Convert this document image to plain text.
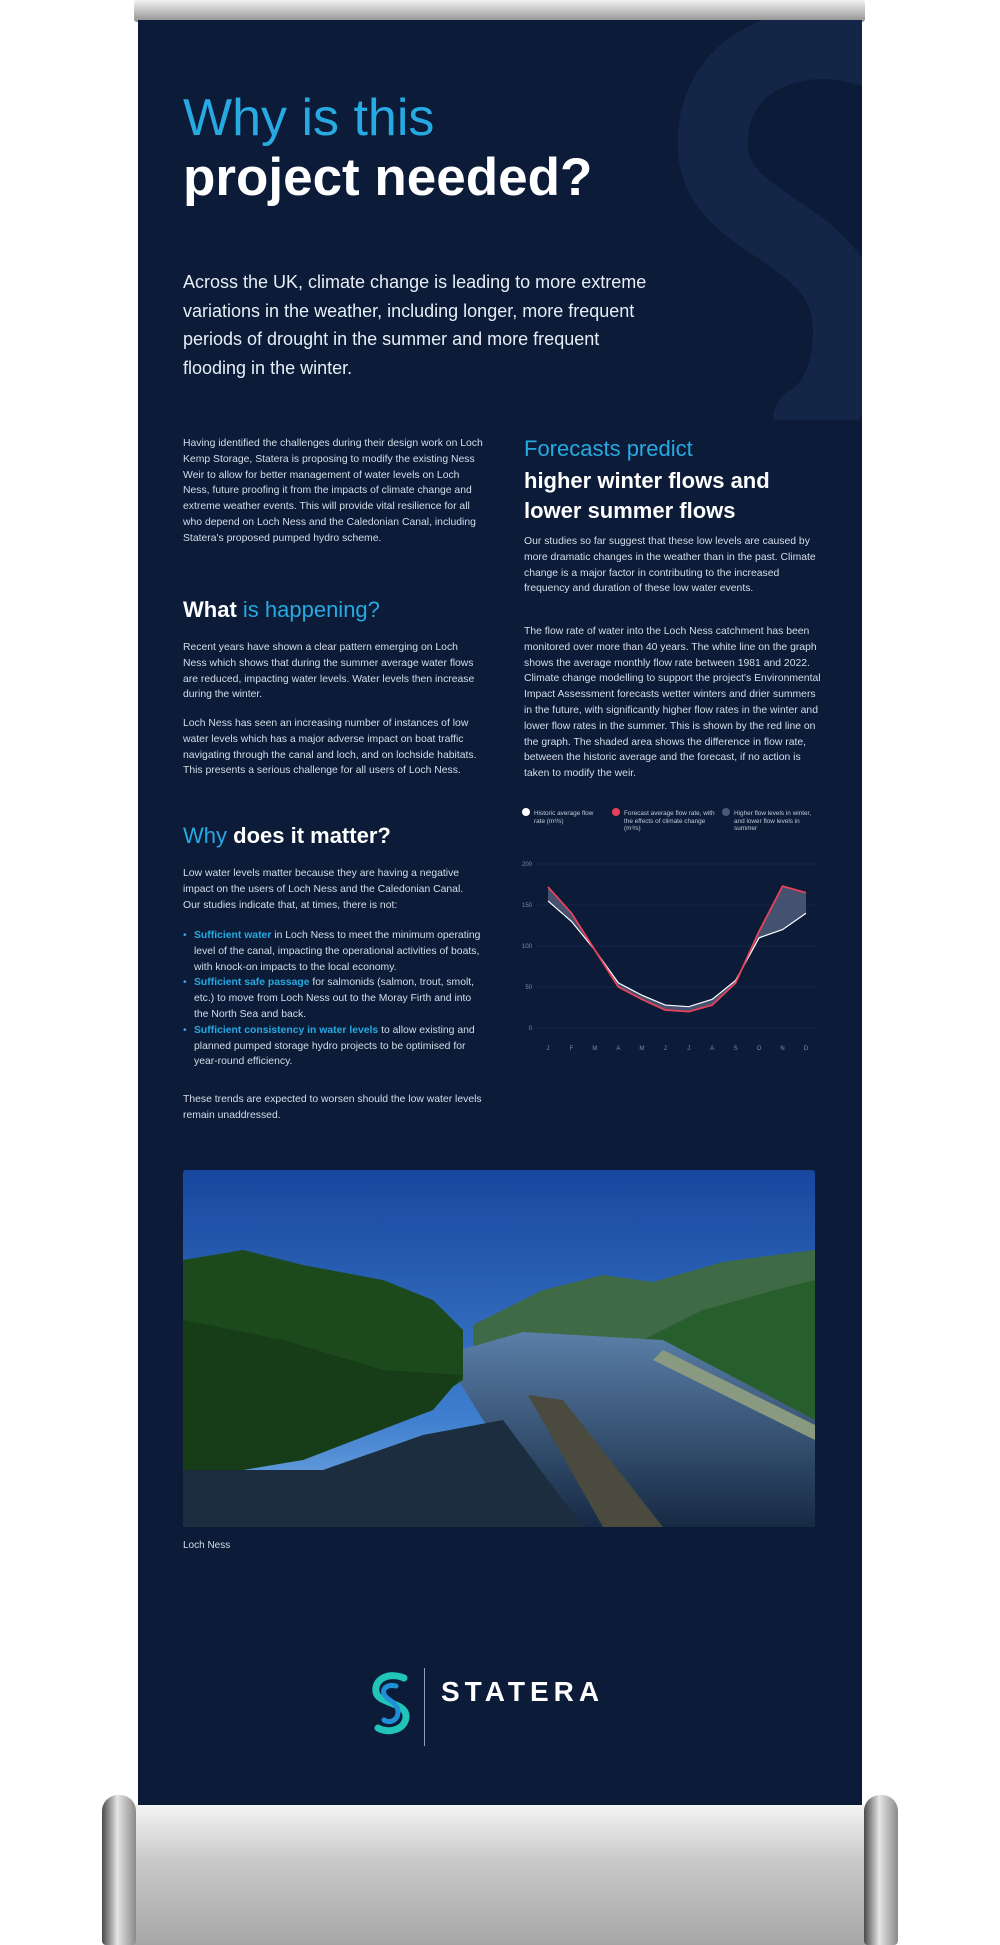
Why is this
project needed?

Across the UK, climate change is leading to more extreme variations in the weather, including longer, more frequent periods of drought in the summer and more frequent flooding in the winter.

Having identified the challenges during their design work on Loch Kemp Storage, Statera is proposing to modify the existing Ness Weir to allow for better management of water levels on Loch Ness, future proofing it from the impacts of climate change and extreme weather events. This will provide vital resilience for all who depend on Loch Ness and the Caledonian Canal, including Statera's proposed pumped hydro scheme.

What is happening?

Recent years have shown a clear pattern emerging on Loch Ness which shows that during the summer average water flows are reduced, impacting water levels. Water levels then increase during the winter.

Loch Ness has seen an increasing number of instances of low water levels which has a major adverse impact on boat traffic navigating through the canal and loch, and on lochside habitats. This presents a serious challenge for all users of Loch Ness.

Why does it matter?

Low water levels matter because they are having a negative impact on the users of Loch Ness and the Caledonian Canal. Our studies indicate that, at times, there is not:

• Sufficient water in Loch Ness to meet the minimum operating level of the canal, impacting the operational activities of boats, with knock-on impacts to the local economy.
• Sufficient safe passage for salmonids (salmon, trout, smolt, etc.) to move from Loch Ness out to the Moray Firth and into the North Sea and back.
• Sufficient consistency in water levels to allow existing and planned pumped storage hydro projects to be optimised for year-round efficiency.

These trends are expected to worsen should the low water levels remain unaddressed.

Forecasts predict
higher winter flows and lower summer flows

Our studies so far suggest that these low levels are caused by more dramatic changes in the weather than in the past. Climate change is a major factor in contributing to the increased frequency and duration of these low water events.

The flow rate of water into the Loch Ness catchment has been monitored over more than 40 years. The white line on the graph shows the average monthly flow rate between 1981 and 2022. Climate change modelling to support the project's Environmental Impact Assessment forecasts wetter winters and drier summers in the future, with significantly higher flow rates in the winter and lower flow rates in the summer. This is shown by the red line on the graph. The shaded area shows the difference in flow rate, between the historic average and the forecast, if no action is taken to modify the weir.

Historic average flow rate (m³/s)
Forecast average flow rate, with the effects of climate change (m³/s)
Higher flow levels in winter, and lower flow levels in summer
0
50
100
150
200
J	F	M	A	M	J	J	A	S	O	N	D
Loch Ness
STATERA
